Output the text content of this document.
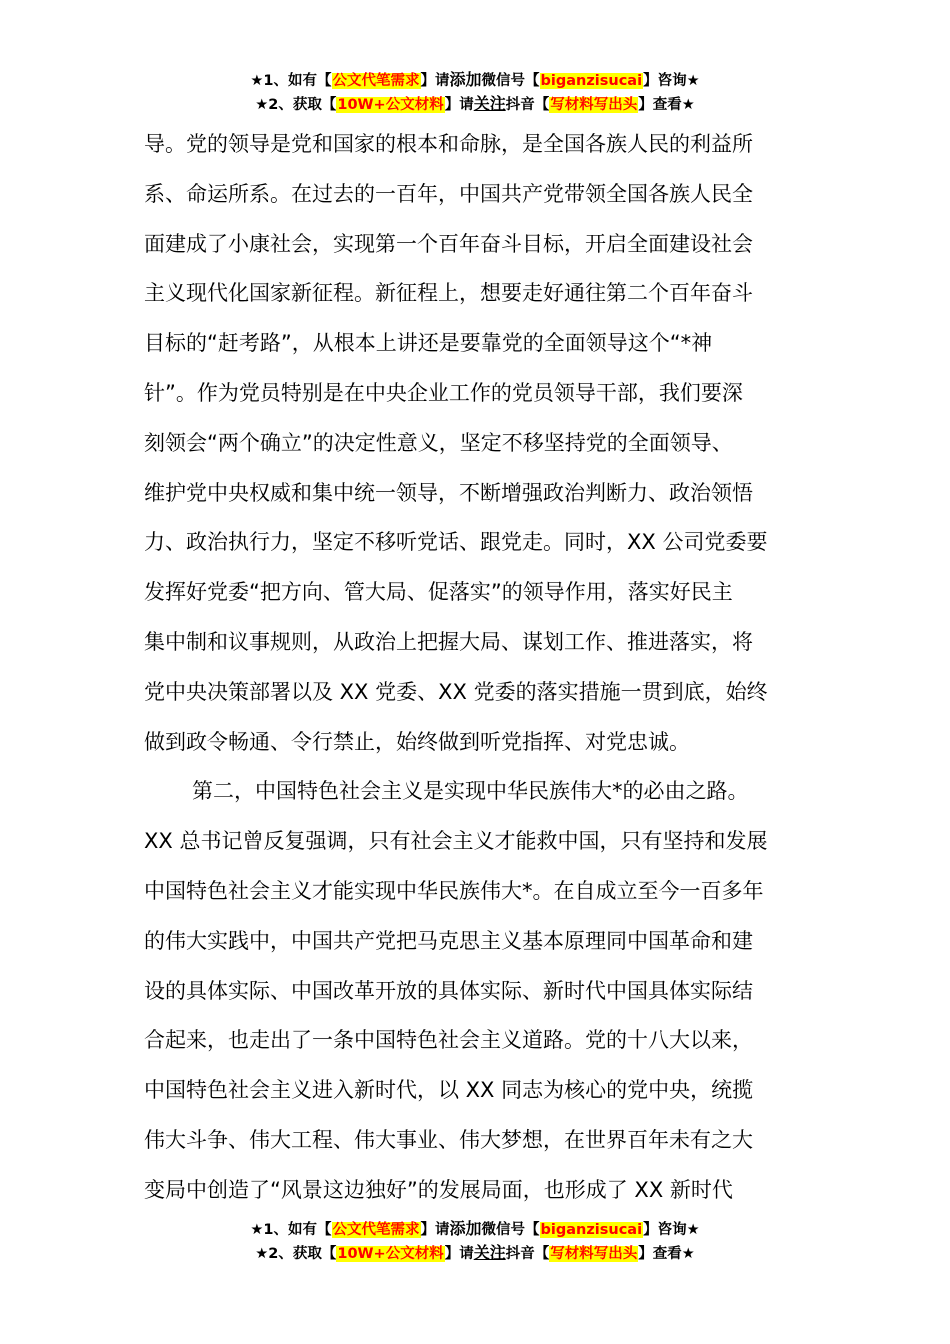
★1、如有【公文代笔需求】请添加微信号【biganzisucai】咨询★
★2、获取【10W+公文材料】请关注抖音【写材料写出头】查看★
导。党的领导是党和国家的根本和命脉，是全国各族人民的利益所
系、命运所系。在过去的一百年，中国共产党带领全国各族人民全
面建成了小康社会，实现第一个百年奋斗目标，开启全面建设社会
主义现代化国家新征程。新征程上，想要走好通往第二个百年奋斗
目标的“赶考路”，从根本上讲还是要靠党的全面领导这个“*神
针”。作为党员特别是在中央企业工作的党员领导干部，我们要深
刻领会“两个确立”的决定性意义，坚定不移坚持党的全面领导、
维护党中央权威和集中统一领导，不断增强政治判断力、政治领悟
力、政治执行力，坚定不移听党话、跟党走。同时，XX 公司党委要
发挥好党委“把方向、管大局、促落实”的领导作用，落实好民主
集中制和议事规则，从政治上把握大局、谋划工作、推进落实，将
党中央决策部署以及 XX 党委、XX 党委的落实措施一贯到底，始终
做到政令畅通、令行禁止，始终做到听党指挥、对党忠诚。
第二，中国特色社会主义是实现中华民族伟大*的必由之路。
XX 总书记曾反复强调，只有社会主义才能救中国，只有坚持和发展
中国特色社会主义才能实现中华民族伟大*。在自成立至今一百多年
的伟大实践中，中国共产党把马克思主义基本原理同中国革命和建
设的具体实际、中国改革开放的具体实际、新时代中国具体实际结
合起来，也走出了一条中国特色社会主义道路。党的十八大以来，
中国特色社会主义进入新时代，以 XX 同志为核心的党中央，统揽
伟大斗争、伟大工程、伟大事业、伟大梦想，在世界百年未有之大
变局中创造了“风景这边独好”的发展局面，也形成了 XX 新时代
★1、如有【公文代笔需求】请添加微信号【biganzisucai】咨询★
★2、获取【10W+公文材料】请关注抖音【写材料写出头】查看★
